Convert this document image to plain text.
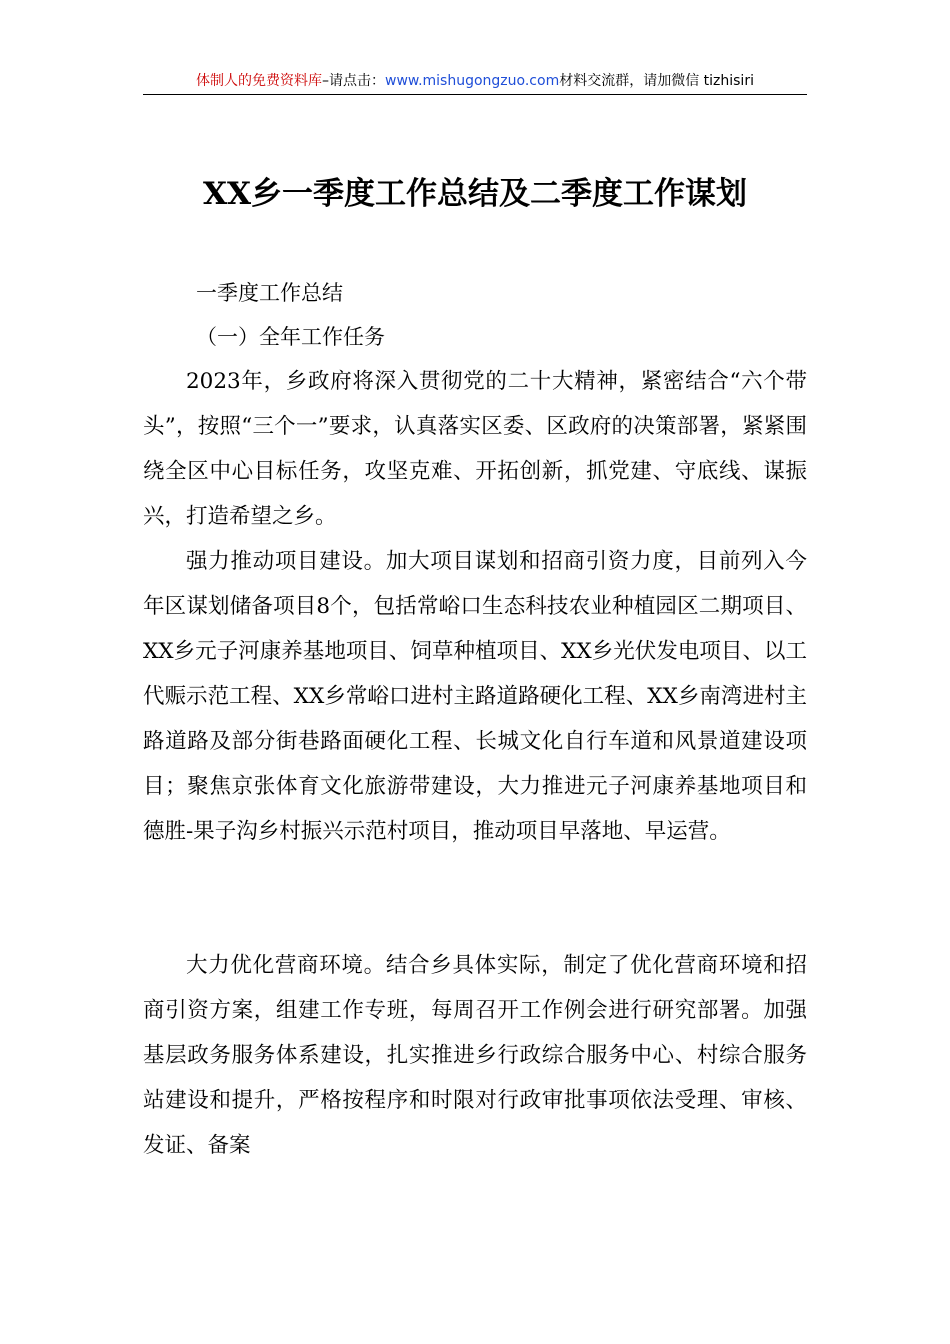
体制人的免费资料库–请点击：www.mishugongzuo.com材料交流群，请加微信 tizhisiri
XX乡一季度工作总结及二季度工作谋划
一季度工作总结
（一）全年工作任务

2023年，乡政府将深入贯彻党的二十大精神，紧密结合“六个带头”，按照“三个一”要求，认真落实区委、区政府的决策部署，紧紧围绕全区中心目标任务，攻坚克难、开拓创新，抓党建、守底线、谋振兴，打造希望之乡。

强力推动项目建设。加大项目谋划和招商引资力度，目前列入今年区谋划储备项目8个，包括常峪口生态科技农业种植园区二期项目、XX乡元子河康养基地项目、饲草种植项目、XX乡光伏发电项目、以工代赈示范工程、XX乡常峪口进村主路道路硬化工程、XX乡南湾进村主路道路及部分街巷路面硬化工程、长城文化自行车道和风景道建设项目；聚焦京张体育文化旅游带建设，大力推进元子河康养基地项目和德胜-果子沟乡村振兴示范村项目，推动项目早落地、早运营。

大力优化营商环境。结合乡具体实际，制定了优化营商环境和招商引资方案，组建工作专班，每周召开工作例会进行研究部署。加强基层政务服务体系建设，扎实推进乡行政综合服务中心、村综合服务站建设和提升，严格按程序和时限对行政审批事项依法受理、审核、发证、备案
